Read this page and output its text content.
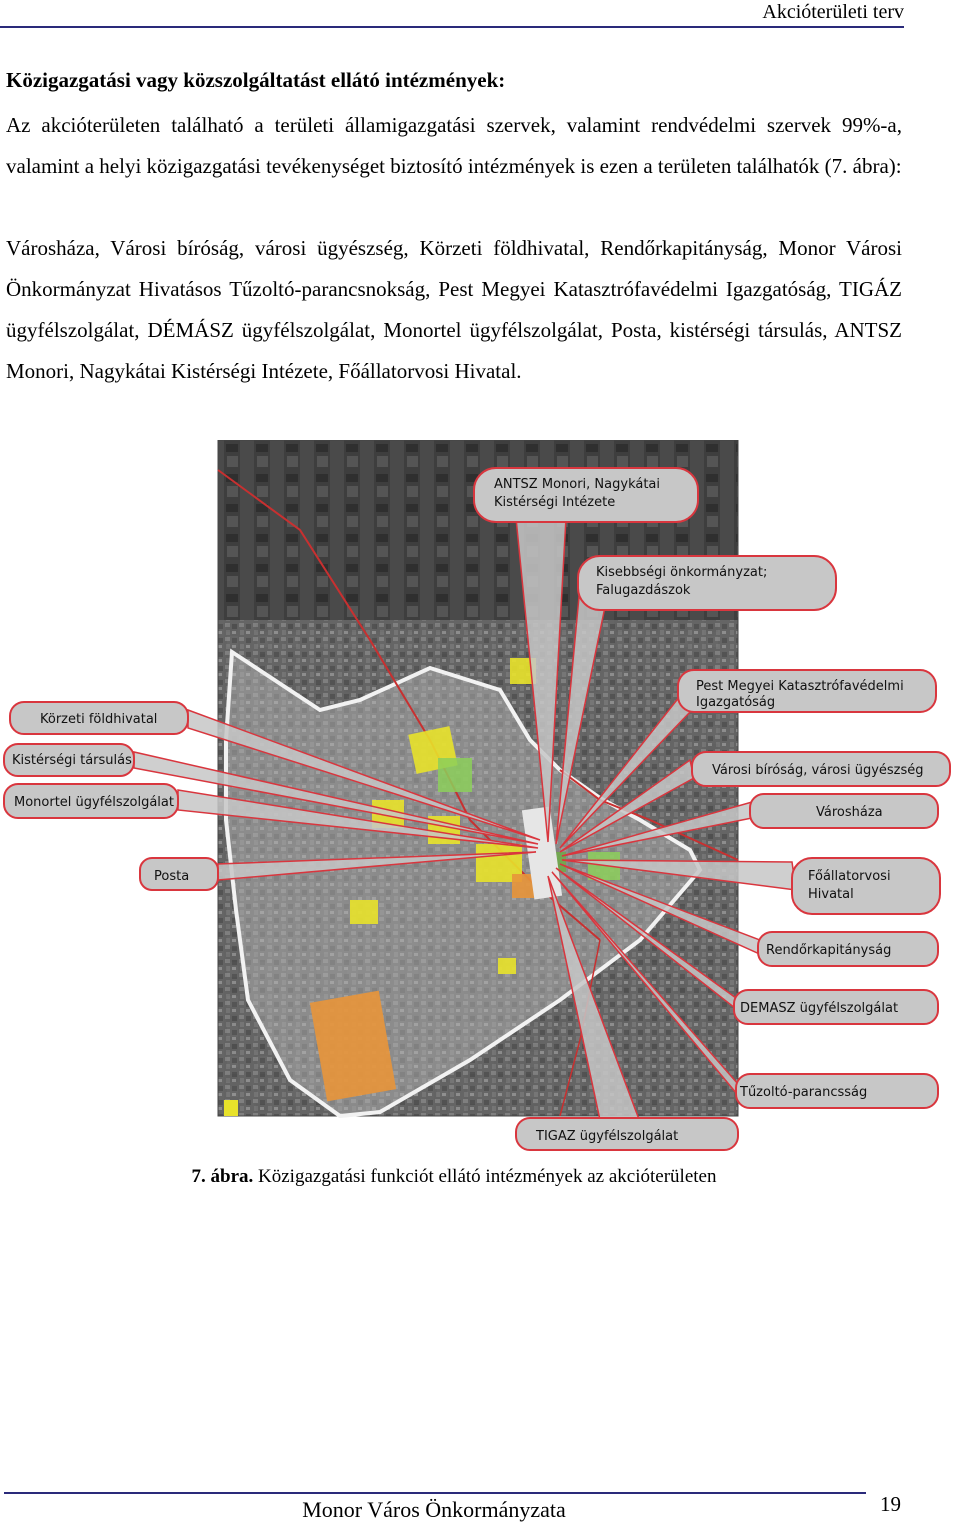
Akcióterületi terv
Közigazgatási vagy közszolgáltatást ellátó intézmények:
Az akcióterületen található a területi államigazgatási szervek, valamint rendvédelmi szervek 99%-a, valamint a helyi közigazgatási tevékenységet biztosító intézmények is ezen a területen találhatók (7. ábra):
Városháza, Városi bíróság, városi ügyészség, Körzeti földhivatal, Rendőrkapitányság, Monor Városi Önkormányzat Hivatásos Tűzoltó-parancsnokság, Pest Megyei Katasztrófavédelmi Igazgatóság, TIGÁZ ügyfélszolgálat, DÉMÁSZ ügyfélszolgálat, Monortel ügyfélszolgálat, Posta, kistérségi társulás, ANTSZ Monori, Nagykátai Kistérségi Intézete, Főállatorvosi Hivatal.
ANTSZ Monori, Nagykátai
Kistérségi Intézete
Kisebbségi önkormányzat;
Falugazdászok
Pest Megyei Katasztrófavédelmi
Igazgatóság
Városi bíróság, városi ügyészség
Városháza
Főállatorvosi
Hivatal
Rendőrkapitányság
DEMASZ ügyfélszolgálat
Tűzoltó-parancsság
TIGAZ ügyfélszolgálat
Körzeti földhivatal
Kistérségi társulás
Monortel ügyfélszolgálat
Posta
7. ábra. Közigazgatási funkciót ellátó intézmények az akcióterületen
Monor Város Önkormányzata	19
